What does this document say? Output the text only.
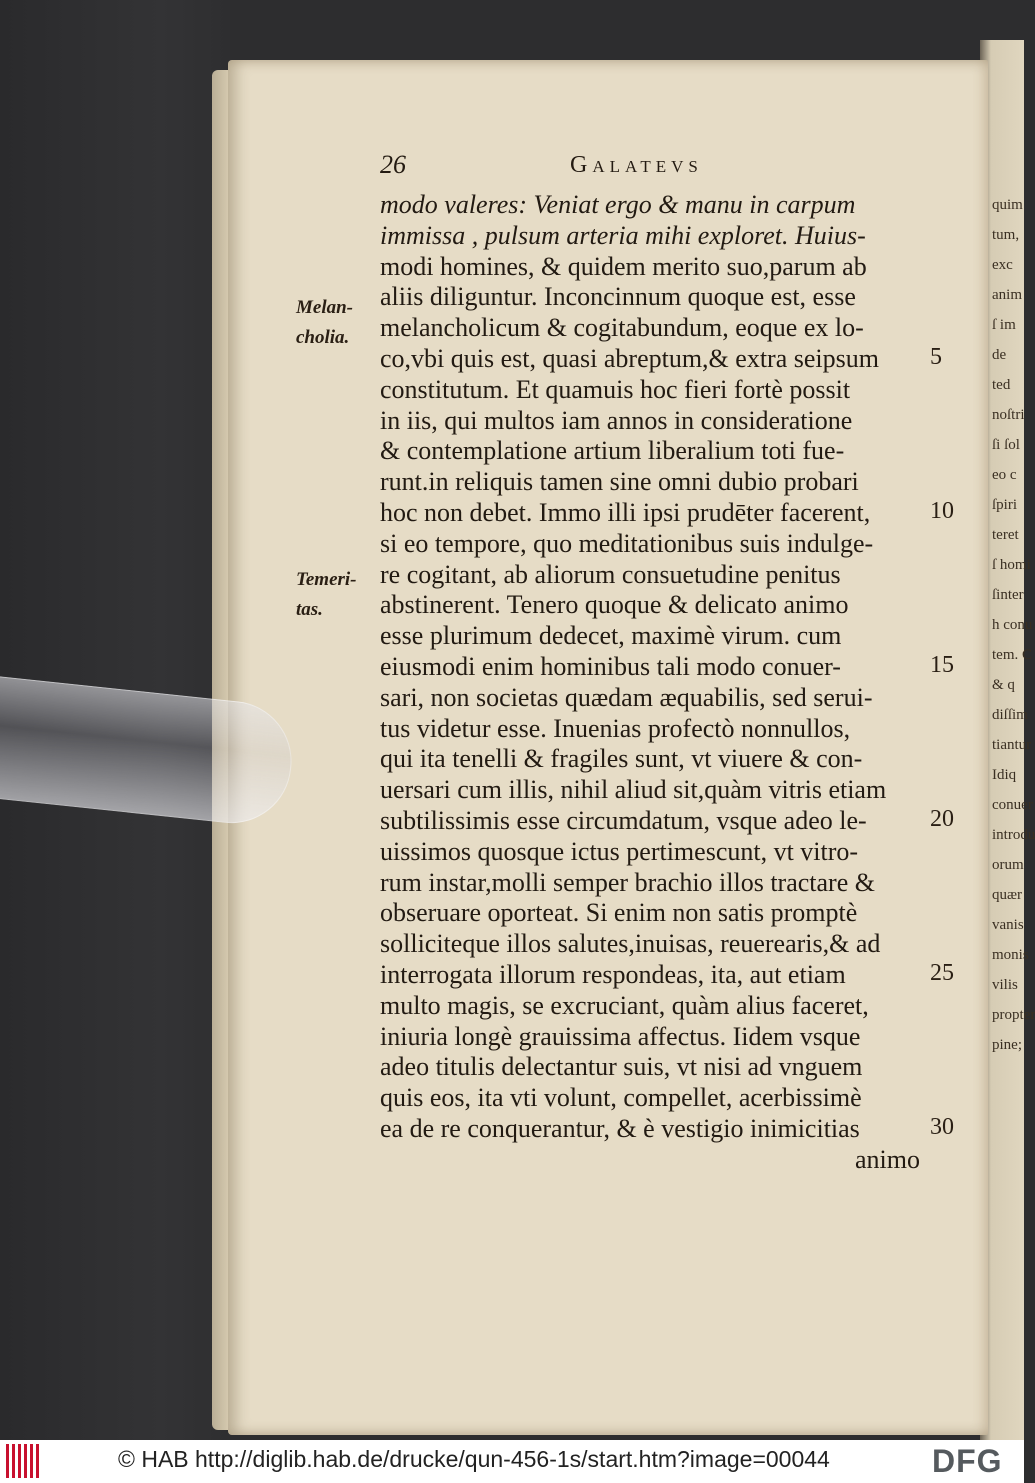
quim
tum,
exc
anim
ſ im
de
ted
noſtri
ſi ſol
eo c
ſpiri
teret
ſ homi
ſinter
h conu
tem. C
& q
diſſim
tiantur
Idiq
conuer
introdu
orum
quær
vanis
monis
vilis
propter
pine;
26	Galatevs
Melan-
cholia.
Temeri-
tas.
modo valeres: Veniat ergo & manu in carpum
immissa , pulsum arteria mihi exploret. Huius-
modi homines, & quidem merito suo,parum ab
aliis diliguntur. Inconcinnum quoque est, esse
melancholicum & cogitabundum, eoque ex lo-
co,vbi quis est, quasi abreptum,& extra seipsum
constitutum. Et quamuis hoc fieri fortè possit
in iis, qui multos iam annos in consideratione
& contemplatione artium liberalium toti fue-
runt.in reliquis tamen sine omni dubio probari
hoc non debet. Immo illi ipsi prudēter facerent,
si eo tempore, quo meditationibus suis indulge-
re cogitant, ab aliorum consuetudine penitus
abstinerent. Tenero quoque & delicato animo
esse plurimum dedecet, maximè virum. cum
eiusmodi enim hominibus tali modo conuer-
sari, non societas quædam æquabilis, sed serui-
tus videtur esse. Inuenias profectò nonnullos,
qui ita tenelli & fragiles sunt, vt viuere & con-
uersari cum illis, nihil aliud sit,quàm vitris etiam
subtilissimis esse circumdatum, vsque adeo le-
uissimos quosque ictus pertimescunt, vt vitro-
rum instar,molli semper brachio illos tractare &
obseruare oporteat. Si enim non satis promptè
solliciteque illos salutes,inuisas, reuerearis,& ad
interrogata illorum respondeas, ita, aut etiam
multo magis, se excruciant, quàm alius faceret,
iniuria longè grauissima affectus. Iidem vsque
adeo titulis delectantur suis, vt nisi ad vnguem
quis eos, ita vti volunt, compellet, acerbissimè
ea de re conquerantur, & è vestigio inimicitias
animo
5
10
15
20
25
30
© HAB http://diglib.hab.de/drucke/qun-456-1s/start.htm?image=00044	DFG
